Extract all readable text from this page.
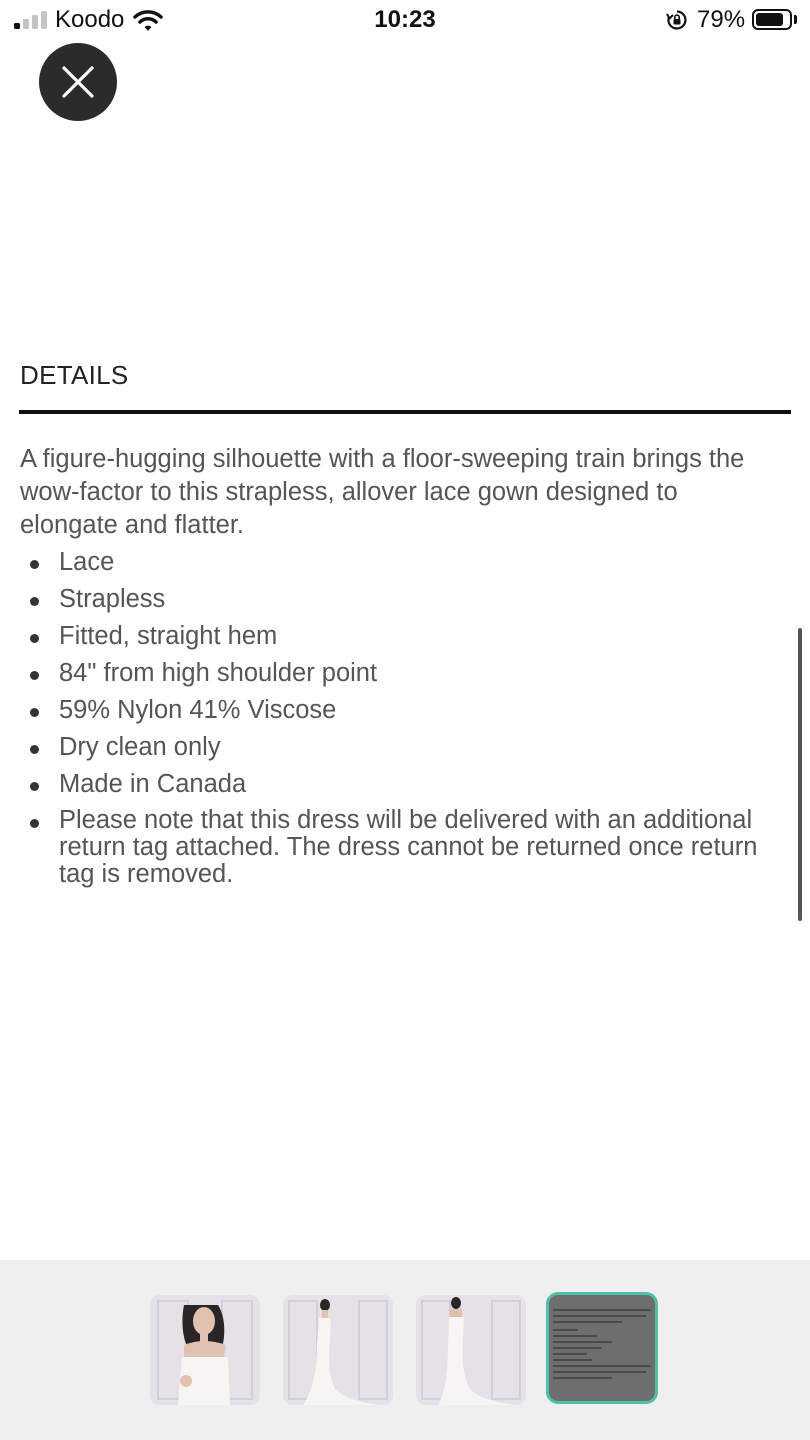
Koodo	10:23	79%
DETAILS

A figure-hugging silhouette with a floor-sweeping train brings the wow-factor to this strapless, allover lace gown designed to elongate and flatter.

Lace
Strapless
Fitted, straight hem
84" from high shoulder point
59% Nylon 41% Viscose
Dry clean only
Made in Canada
Please note that this dress will be delivered with an additional return tag attached. The dress cannot be returned once return tag is removed.
